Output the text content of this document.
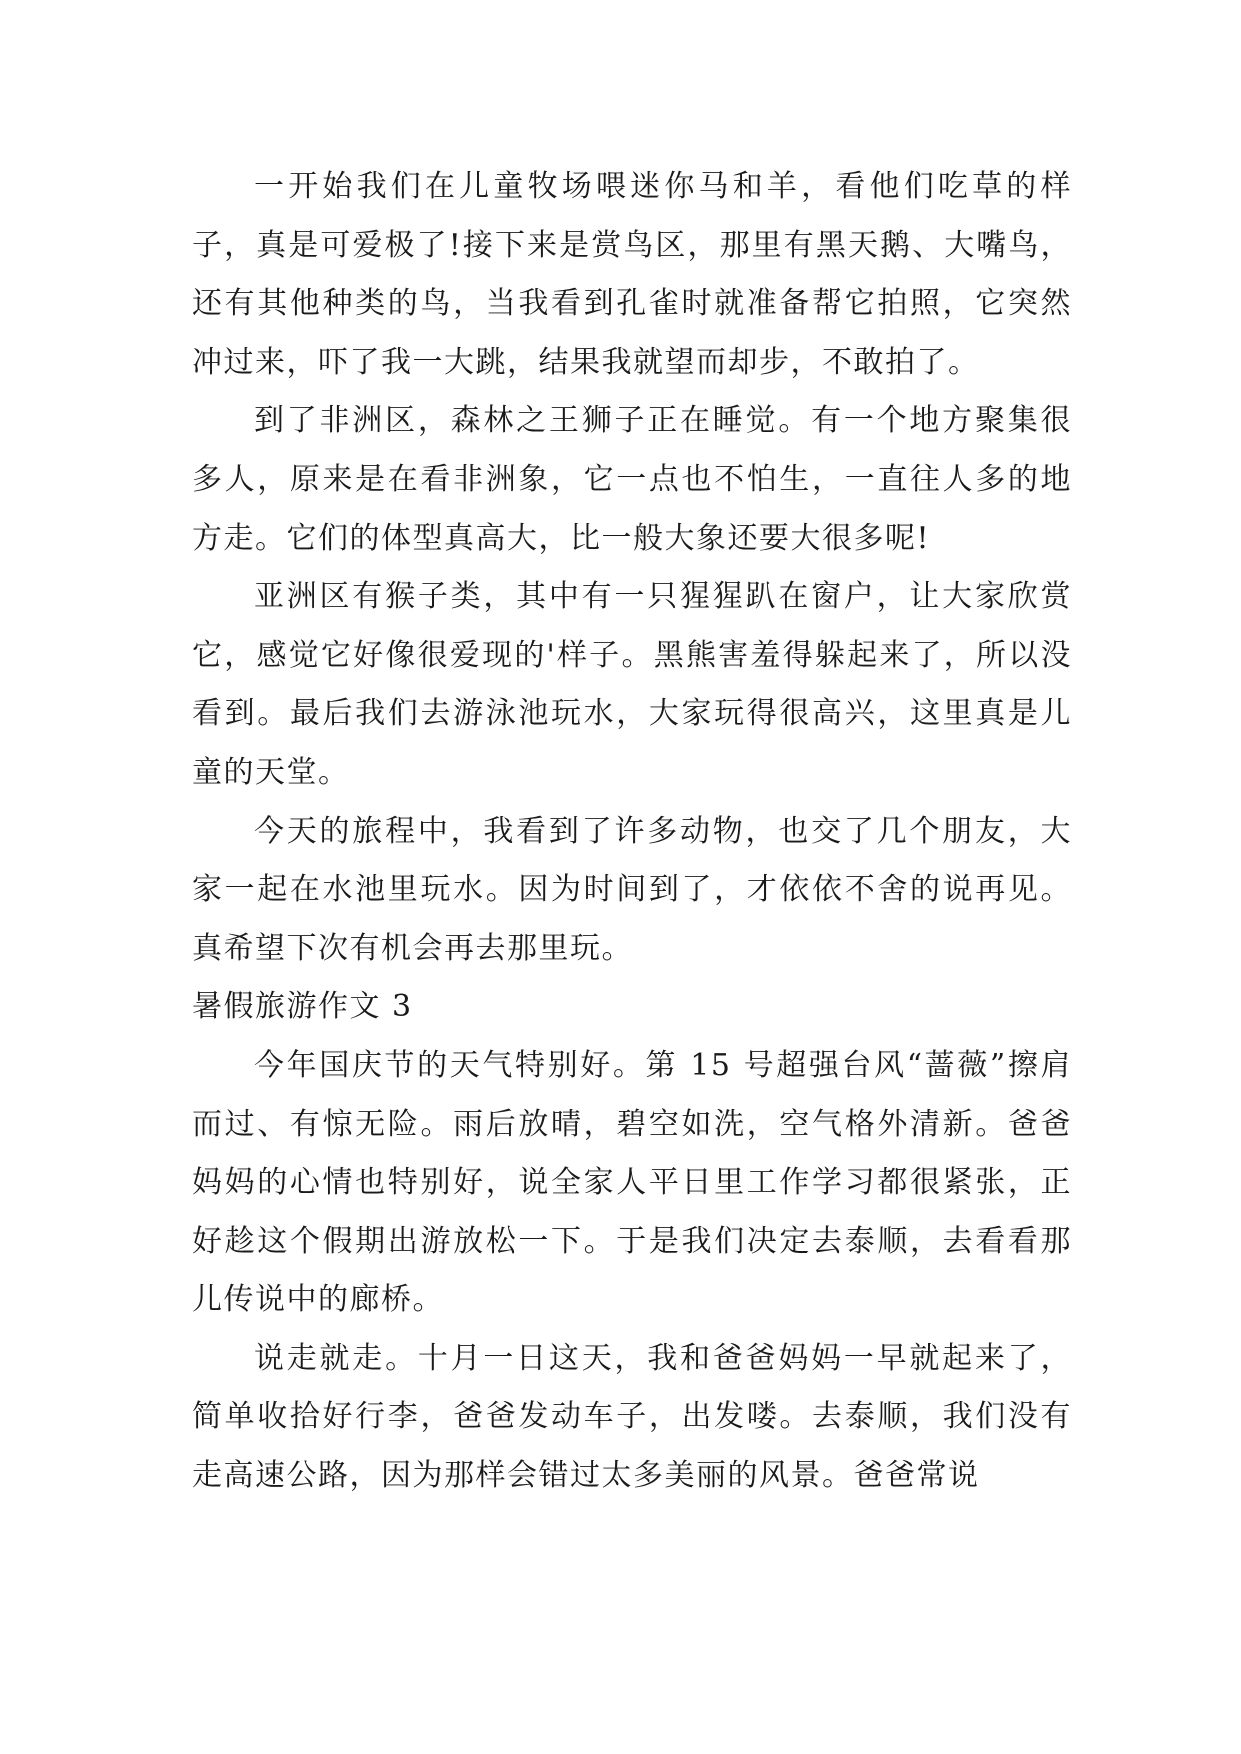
一开始我们在儿童牧场喂迷你马和羊，看他们吃草的样子，真是可爱极了!接下来是赏鸟区，那里有黑天鹅、大嘴鸟，还有其他种类的鸟，当我看到孔雀时就准备帮它拍照，它突然冲过来，吓了我一大跳，结果我就望而却步，不敢拍了。

到了非洲区，森林之王狮子正在睡觉。有一个地方聚集很多人，原来是在看非洲象，它一点也不怕生，一直往人多的地方走。它们的体型真高大，比一般大象还要大很多呢!

亚洲区有猴子类，其中有一只猩猩趴在窗户，让大家欣赏它，感觉它好像很爱现的'样子。黑熊害羞得躲起来了，所以没看到。最后我们去游泳池玩水，大家玩得很高兴，这里真是儿童的天堂。

今天的旅程中，我看到了许多动物，也交了几个朋友，大家一起在水池里玩水。因为时间到了，才依依不舍的说再见。真希望下次有机会再去那里玩。

暑假旅游作文 3

今年国庆节的天气特别好。第 15 号超强台风“蔷薇”擦肩而过、有惊无险。雨后放晴，碧空如洗，空气格外清新。爸爸妈妈的心情也特别好，说全家人平日里工作学习都很紧张，正好趁这个假期出游放松一下。于是我们决定去泰顺，去看看那儿传说中的廊桥。

说走就走。十月一日这天，我和爸爸妈妈一早就起来了，简单收拾好行李，爸爸发动车子，出发喽。去泰顺，我们没有走高速公路，因为那样会错过太多美丽的风景。爸爸常说
